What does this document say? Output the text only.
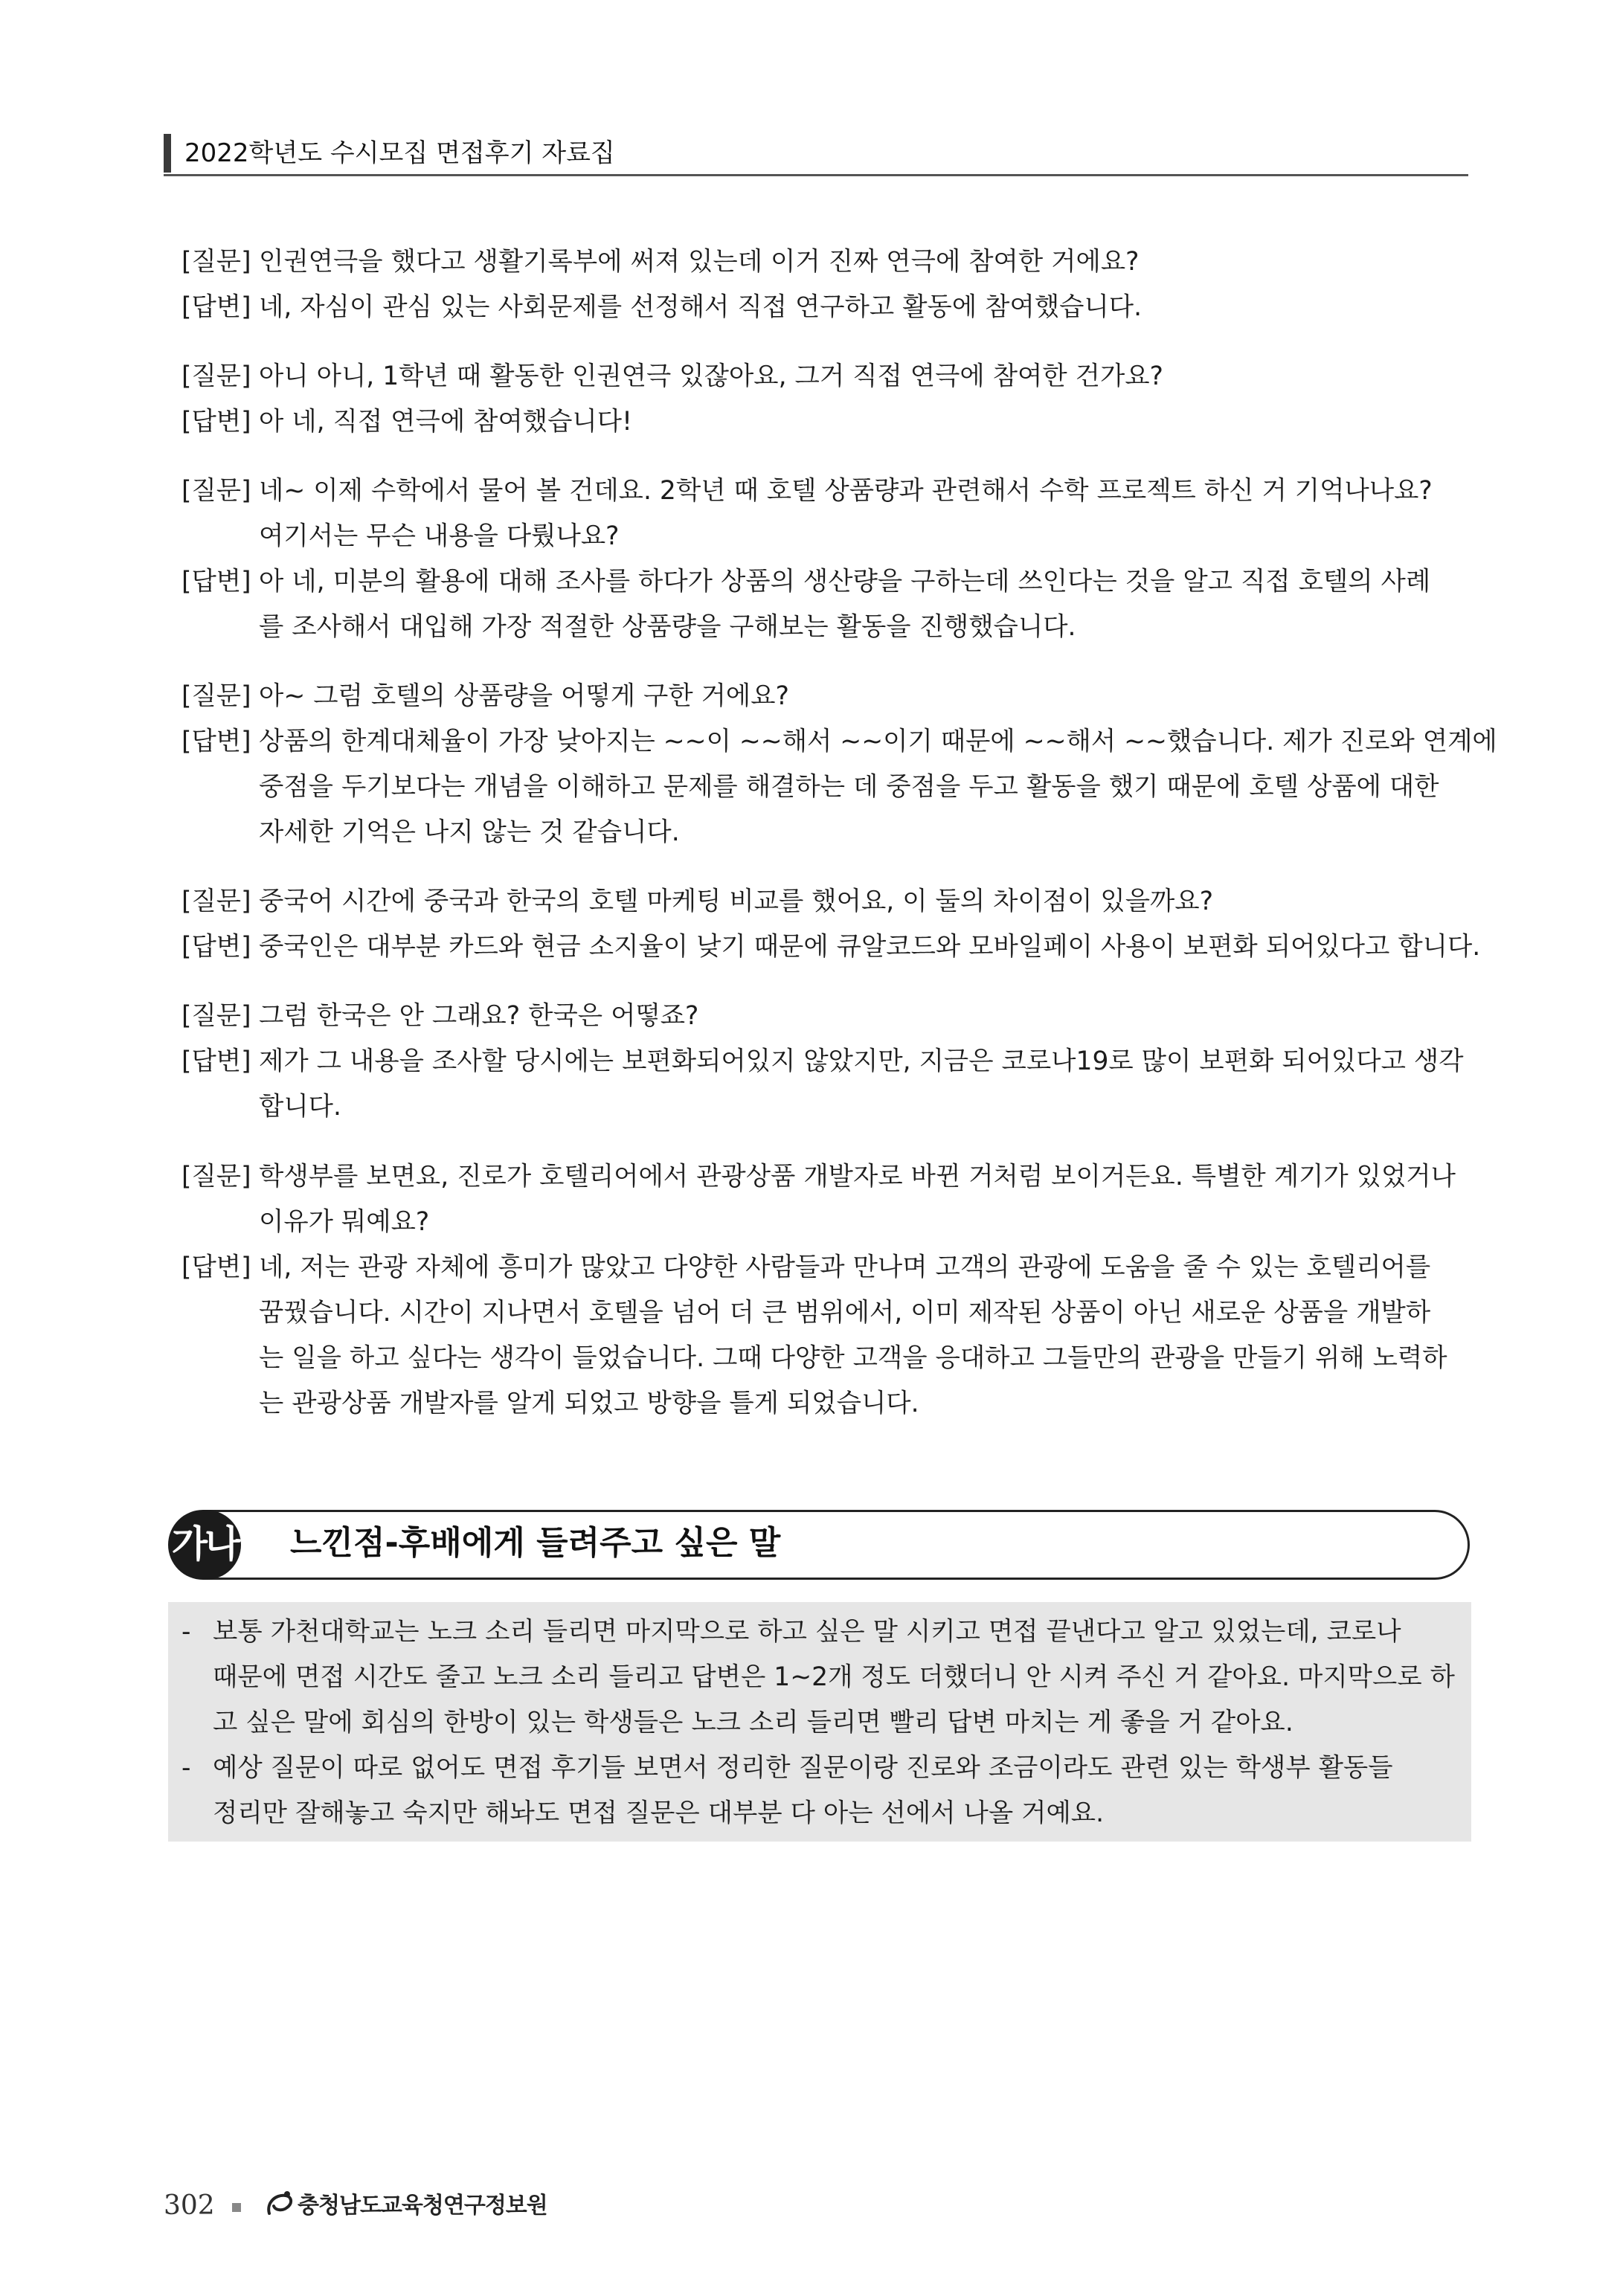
2022학년도 수시모집 면접후기 자료집
[질문] 인권연극을 했다고 생활기록부에 써져 있는데 이거 진짜 연극에 참여한 거에요?
[답변] 네, 자심이 관심 있는 사회문제를 선정해서 직접 연구하고 활동에 참여했습니다.
[질문] 아니 아니, 1학년 때 활동한 인권연극 있잖아요, 그거 직접 연극에 참여한 건가요?
[답변] 아 네, 직접 연극에 참여했습니다!
[질문] 네~ 이제 수학에서 물어 볼 건데요. 2학년 때 호텔 상품량과 관련해서 수학 프로젝트 하신 거 기억나나요?
여기서는 무슨 내용을 다뤘나요?
[답변] 아 네, 미분의 활용에 대해 조사를 하다가 상품의 생산량을 구하는데 쓰인다는 것을 알고 직접 호텔의 사례
를 조사해서 대입해 가장 적절한 상품량을 구해보는 활동을 진행했습니다.
[질문] 아~ 그럼 호텔의 상품량을 어떻게 구한 거에요?
[답변] 상품의 한계대체율이 가장 낮아지는 ~~이 ~~해서 ~~이기 때문에 ~~해서 ~~했습니다. 제가 진로와 연계에
중점을 두기보다는 개념을 이해하고 문제를 해결하는 데 중점을 두고 활동을 했기 때문에 호텔 상품에 대한
자세한 기억은 나지 않는 것 같습니다.
[질문] 중국어 시간에 중국과 한국의 호텔 마케팅 비교를 했어요, 이 둘의 차이점이 있을까요?
[답변] 중국인은 대부분 카드와 현금 소지율이 낮기 때문에 큐알코드와 모바일페이 사용이 보편화 되어있다고 합니다.
[질문] 그럼 한국은 안 그래요? 한국은 어떻죠?
[답변] 제가 그 내용을 조사할 당시에는 보편화되어있지 않았지만, 지금은 코로나19로 많이 보편화 되어있다고 생각
합니다.
[질문] 학생부를 보면요, 진로가 호텔리어에서 관광상품 개발자로 바뀐 거처럼 보이거든요. 특별한 계기가 있었거나
이유가 뭐예요?
[답변] 네, 저는 관광 자체에 흥미가 많았고 다양한 사람들과 만나며 고객의 관광에 도움을 줄 수 있는 호텔리어를
꿈꿨습니다. 시간이 지나면서 호텔을 넘어 더 큰 범위에서, 이미 제작된 상품이 아닌 새로운 상품을 개발하
는 일을 하고 싶다는 생각이 들었습니다. 그때 다양한 고객을 응대하고 그들만의 관광을 만들기 위해 노력하
는 관광상품 개발자를 알게 되었고 방향을 틀게 되었습니다.
가나 느낀점-후배에게 들려주고 싶은 말
- 보통 가천대학교는 노크 소리 들리면 마지막으로 하고 싶은 말 시키고 면접 끝낸다고 알고 있었는데, 코로나
때문에 면접 시간도 줄고 노크 소리 들리고 답변은 1~2개 정도 더했더니 안 시켜 주신 거 같아요. 마지막으로 하
고 싶은 말에 회심의 한방이 있는 학생들은 노크 소리 들리면 빨리 답변 마치는 게 좋을 거 같아요.
- 예상 질문이 따로 없어도 면접 후기들 보면서 정리한 질문이랑 진로와 조금이라도 관련 있는 학생부 활동들
정리만 잘해놓고 숙지만 해놔도 면접 질문은 대부분 다 아는 선에서 나올 거예요.
302	충청남도교육청연구정보원
